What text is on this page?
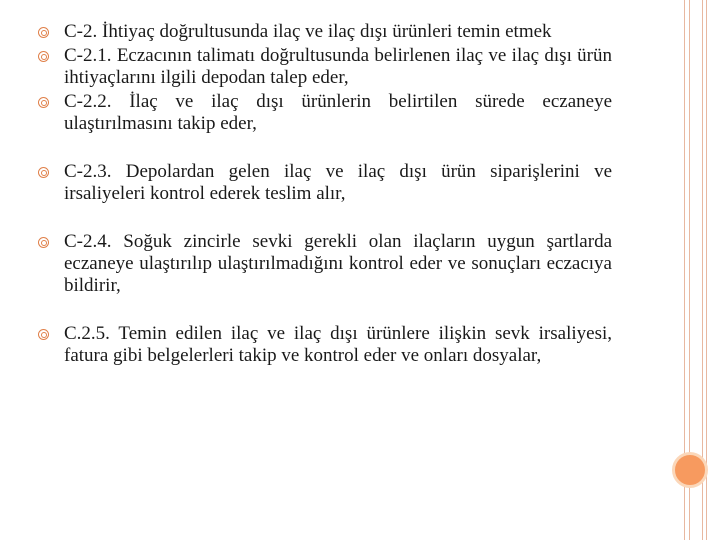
C-2. İhtiyaç doğrultusunda ilaç ve ilaç dışı ürünleri temin etmek
C-2.1. Eczacının talimatı doğrultusunda belirlenen ilaç ve ilaç dışı ürün ihtiyaçlarını ilgili depodan talep eder,
C-2.2. İlaç ve ilaç dışı ürünlerin belirtilen sürede eczaneye ulaştırılmasını takip eder,
C-2.3. Depolardan gelen ilaç ve ilaç dışı ürün siparişlerini ve irsaliyeleri kontrol ederek teslim alır,
C-2.4. Soğuk zincirle sevki gerekli olan ilaçların uygun şartlarda eczaneye ulaştırılıp ulaştırılmadığını kontrol eder ve sonuçları eczacıya bildirir,
C.2.5. Temin edilen ilaç ve ilaç dışı ürünlere ilişkin sevk irsaliyesi, fatura gibi belgelerleri takip ve kontrol eder ve onları dosyalar,
